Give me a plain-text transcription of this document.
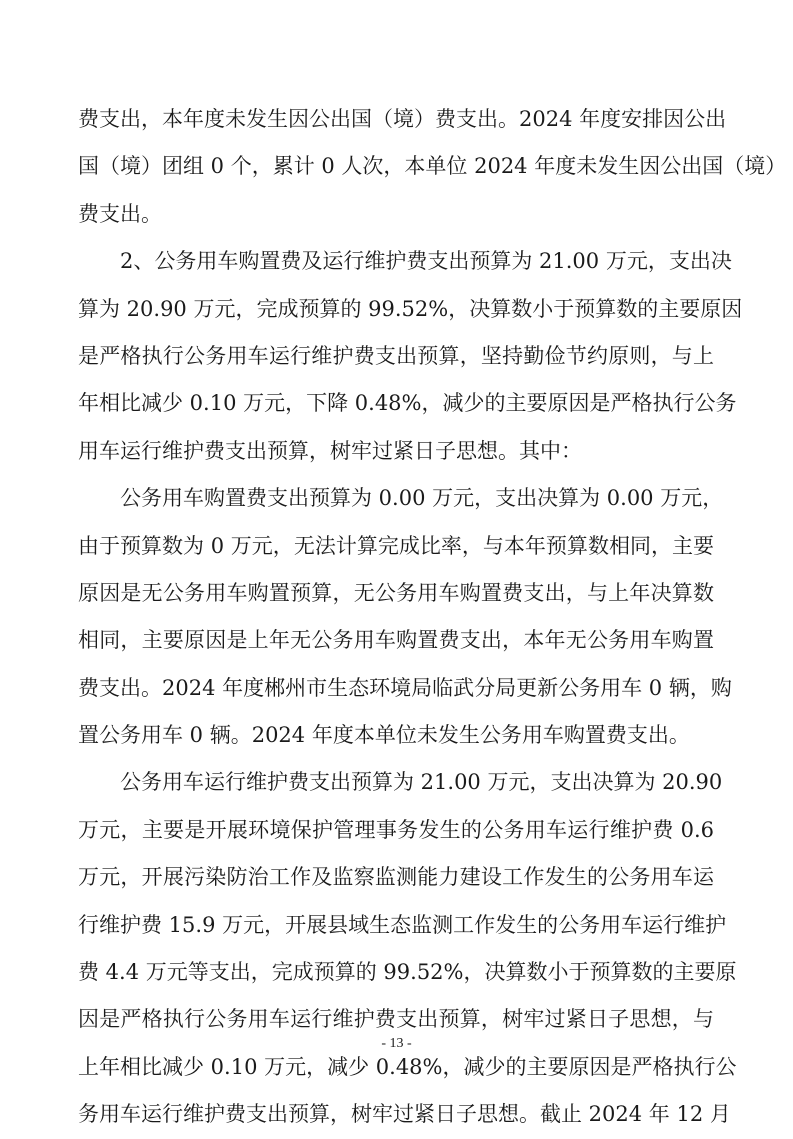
费支出，本年度未发生因公出国（境）费支出。2024 年度安排因公出
国（境）团组 0 个，累计 0 人次，本单位 2024 年度未发生因公出国（境）
费支出。
2、公务用车购置费及运行维护费支出预算为 21.00 万元，支出决
算为 20.90 万元，完成预算的 99.52%，决算数小于预算数的主要原因
是严格执行公务用车运行维护费支出预算，坚持勤俭节约原则，与上
年相比减少 0.10 万元，下降 0.48%，减少的主要原因是严格执行公务
用车运行维护费支出预算，树牢过紧日子思想。其中：
公务用车购置费支出预算为 0.00 万元，支出决算为 0.00 万元，
由于预算数为 0 万元，无法计算完成比率，与本年预算数相同，主要
原因是无公务用车购置预算，无公务用车购置费支出，与上年决算数
相同，主要原因是上年无公务用车购置费支出，本年无公务用车购置
费支出。2024 年度郴州市生态环境局临武分局更新公务用车 0 辆，购
置公务用车 0 辆。2024 年度本单位未发生公务用车购置费支出。
公务用车运行维护费支出预算为 21.00 万元，支出决算为 20.90
万元，主要是开展环境保护管理事务发生的公务用车运行维护费 0.6
万元，开展污染防治工作及监察监测能力建设工作发生的公务用车运
行维护费 15.9 万元，开展县域生态监测工作发生的公务用车运行维护
费 4.4 万元等支出，完成预算的 99.52%，决算数小于预算数的主要原
因是严格执行公务用车运行维护费支出预算，树牢过紧日子思想，与
上年相比减少 0.10 万元，减少 0.48%，减少的主要原因是严格执行公
务用车运行维护费支出预算，树牢过紧日子思想。截止 2024 年 12 月
- 13 -
